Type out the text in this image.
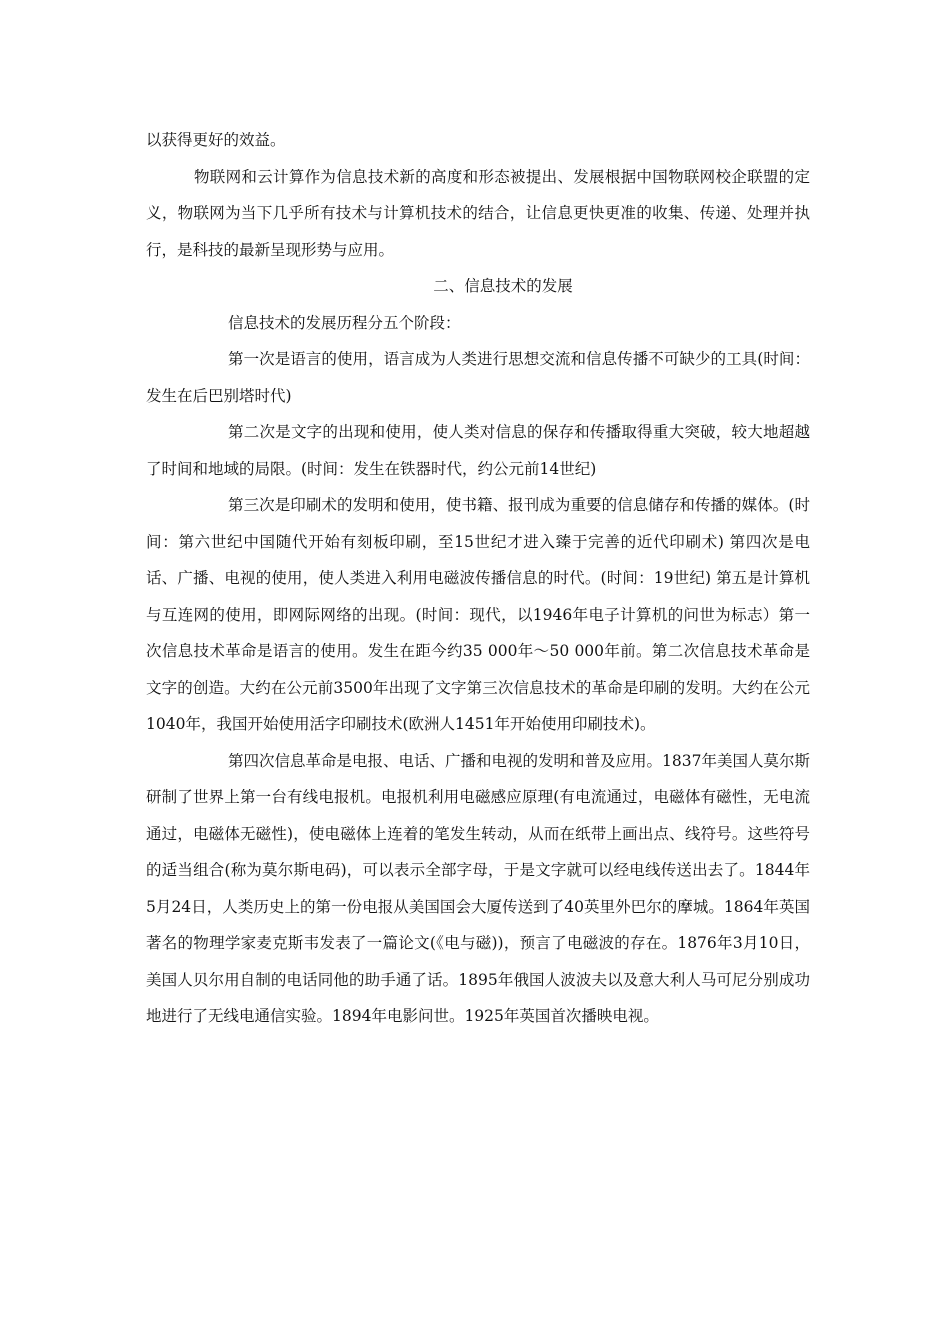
以获得更好的效益。

物联网和云计算作为信息技术新的高度和形态被提出、发展根据中国物联网校企联盟的定义，物联网为当下几乎所有技术与计算机技术的结合，让信息更快更准的收集、传递、处理并执行，是科技的最新呈现形势与应用。

二、信息技术的发展

信息技术的发展历程分五个阶段：

第一次是语言的使用，语言成为人类进行思想交流和信息传播不可缺少的工具(时间：发生在后巴别塔时代)

第二次是文字的出现和使用，使人类对信息的保存和传播取得重大突破，较大地超越了时间和地域的局限。(时间：发生在铁器时代，约公元前14世纪)

第三次是印刷术的发明和使用，使书籍、报刊成为重要的信息储存和传播的媒体。(时间：第六世纪中国随代开始有刻板印刷，至15世纪才进入臻于完善的近代印刷术) 第四次是电话、广播、电视的使用，使人类进入利用电磁波传播信息的时代。(时间：19世纪) 第五是计算机与互连网的使用，即网际网络的出现。(时间：现代，以1946年电子计算机的问世为标志）第一次信息技术革命是语言的使用。发生在距今约35 000年～50 000年前。第二次信息技术革命是文字的创造。大约在公元前3500年出现了文字第三次信息技术的革命是印刷的发明。大约在公元1040年，我国开始使用活字印刷技术(欧洲人1451年开始使用印刷技术)。

第四次信息革命是电报、电话、广播和电视的发明和普及应用。1837年美国人莫尔斯研制了世界上第一台有线电报机。电报机利用电磁感应原理(有电流通过，电磁体有磁性，无电流通过，电磁体无磁性)，使电磁体上连着的笔发生转动，从而在纸带上画出点、线符号。这些符号的适当组合(称为莫尔斯电码)，可以表示全部字母，于是文字就可以经电线传送出去了。1844年5月24日，人类历史上的第一份电报从美国国会大厦传送到了40英里外巴尔的摩城。1864年英国著名的物理学家麦克斯韦发表了一篇论文(《电与磁))，预言了电磁波的存在。1876年3月10日，美国人贝尔用自制的电话同他的助手通了话。1895年俄国人波波夫以及意大利人马可尼分别成功地进行了无线电通信实验。1894年电影问世。1925年英国首次播映电视。
